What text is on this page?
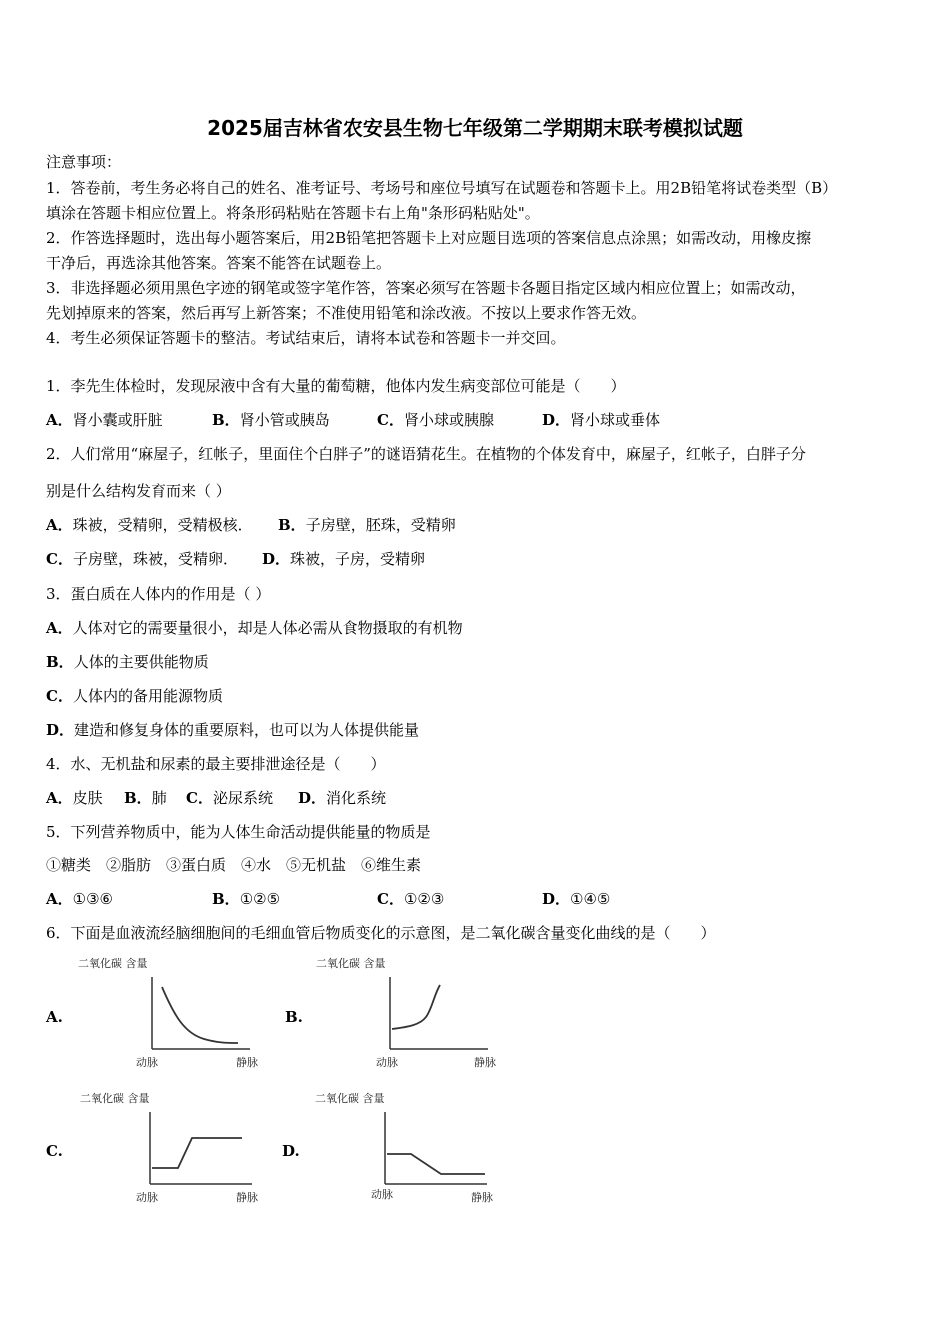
2025届吉林省农安县生物七年级第二学期期末联考模拟试题
注意事项：
1．答卷前，考生务必将自己的姓名、准考证号、考场号和座位号填写在试题卷和答题卡上。用2B铅笔将试卷类型（B）
填涂在答题卡相应位置上。将条形码粘贴在答题卡右上角"条形码粘贴处"。
2．作答选择题时，选出每小题答案后，用2B铅笔把答题卡上对应题目选项的答案信息点涂黑；如需改动，用橡皮擦
干净后，再选涂其他答案。答案不能答在试题卷上。
3．非选择题必须用黑色字迹的钢笔或签字笔作答，答案必须写在答题卡各题目指定区域内相应位置上；如需改动，
先划掉原来的答案，然后再写上新答案；不准使用铅笔和涂改液。不按以上要求作答无效。
4．考生必须保证答题卡的整洁。考试结束后，请将本试卷和答题卡一并交回。
1．李先生体检时，发现尿液中含有大量的葡萄糖，他体内发生病变部位可能是（　　）
A．肾小囊或肝脏	B．肾小管或胰岛	C．肾小球或胰腺	D．肾小球或垂体
2．人们常用“麻屋子，红帐子，里面住个白胖子”的谜语猜花生。在植物的个体发育中，麻屋子，红帐子，白胖子分
别是什么结构发育而来（ ）
A．珠被，受精卵，受精极核． B．子房壁，胚珠，受精卵
C．子房壁，珠被，受精卵． D．珠被，子房，受精卵
3．蛋白质在人体内的作用是（ ）
A．人体对它的需要量很小，却是人体必需从食物摄取的有机物
B．人体的主要供能物质
C．人体内的备用能源物质
D．建造和修复身体的重要原料，也可以为人体提供能量
4．水、无机盐和尿素的最主要排泄途径是（　　）
A．皮肤 B．肺 C．泌尿系统 D．消化系统
5．下列营养物质中，能为人体生命活动提供能量的物质是
①糖类　②脂肪　③蛋白质　④水　⑤无机盐　⑥维生素
A．①③⑥	B．①②⑤	C．①②③	D．①④⑤
6．下面是血液流经脑细胞间的毛细血管后物质变化的示意图，是二氧化碳含量变化曲线的是（　　）
A.	B.
C.	D.
二氧化碳 含量
动脉	静脉
二氧化碳 含量
动脉	静脉
二氧化碳 含量
动脉	静脉
二氧化碳 含量
动脉	静脉
